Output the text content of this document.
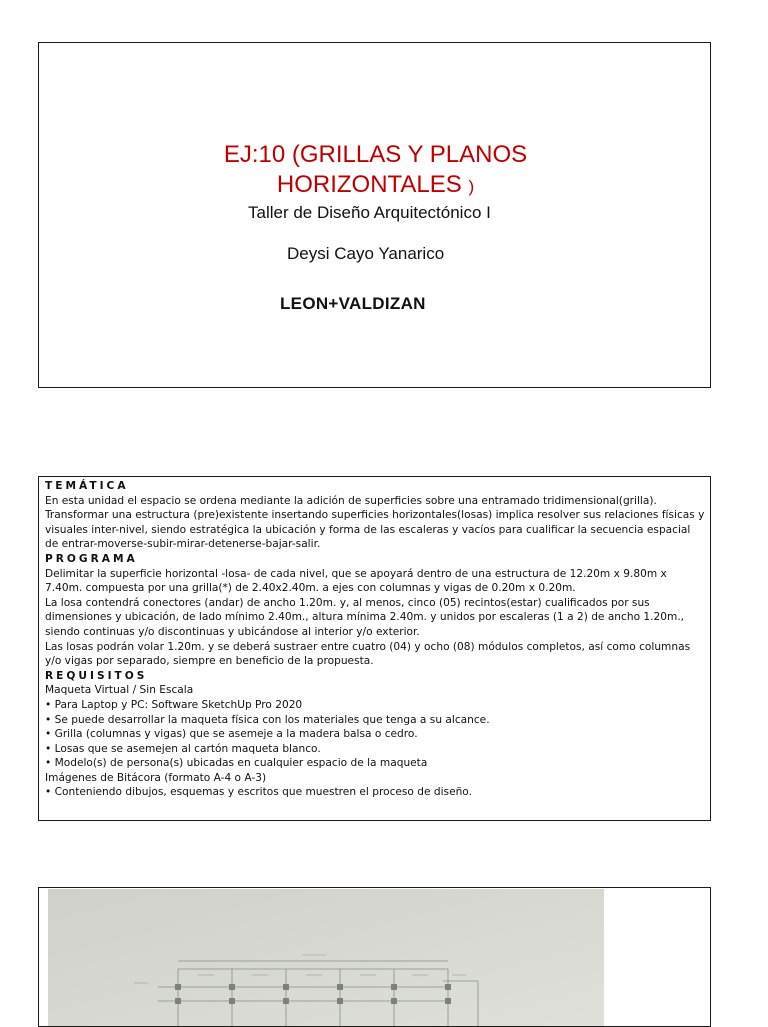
EJ:10 (GRILLAS Y PLANOS
HORIZONTALES )
Taller de Diseño Arquitectónico I
Deysi Cayo Yanarico
LEON+VALDIZAN

TEMÁTICA

En esta unidad el espacio se ordena mediante la adición de superficies sobre una entramado tridimensional(grilla). Transformar una estructura (pre)existente insertando superficies horizontales(losas) implica resolver sus relaciones físicas y visuales inter-nivel, siendo estratégica la ubicación y forma de las escaleras y vacíos para cualificar la secuencia espacial de entrar-moverse-subir-mirar-detenerse-bajar-salir.

PROGRAMA

Delimitar la superficie horizontal -losa- de cada nivel, que se apoyará dentro de una estructura de 12.20m x 9.80m x 7.40m. compuesta por una grilla(*) de 2.40x2.40m. a ejes con columnas y vigas de 0.20m x 0.20m.

La losa contendrá conectores (andar) de ancho 1.20m. y, al menos, cinco (05) recintos(estar) cualificados por sus dimensiones y ubicación, de lado mínimo 2.40m., altura mínima 2.40m. y unidos por escaleras (1 a 2) de ancho 1.20m., siendo continuas y/o discontinuas y ubicándose al interior y/o exterior.

Las losas podrán volar 1.20m. y se deberá sustraer entre cuatro (04) y ocho (08) módulos completos, así como columnas y/o vigas por separado, siempre en beneficio de la propuesta.

REQUISITOS

Maqueta Virtual / Sin Escala

• Para Laptop y PC: Software SketchUp Pro 2020

• Se puede desarrollar la maqueta física con los materiales que tenga a su alcance.

• Grilla (columnas y vigas) que se asemeje a la madera balsa o cedro.

• Losas que se asemejen al cartón maqueta blanco.

• Modelo(s) de persona(s) ubicadas en cualquier espacio de la maqueta

Imágenes de Bitácora (formato A-4 o A-3)

• Conteniendo dibujos, esquemas y escritos que muestren el proceso de diseño.
